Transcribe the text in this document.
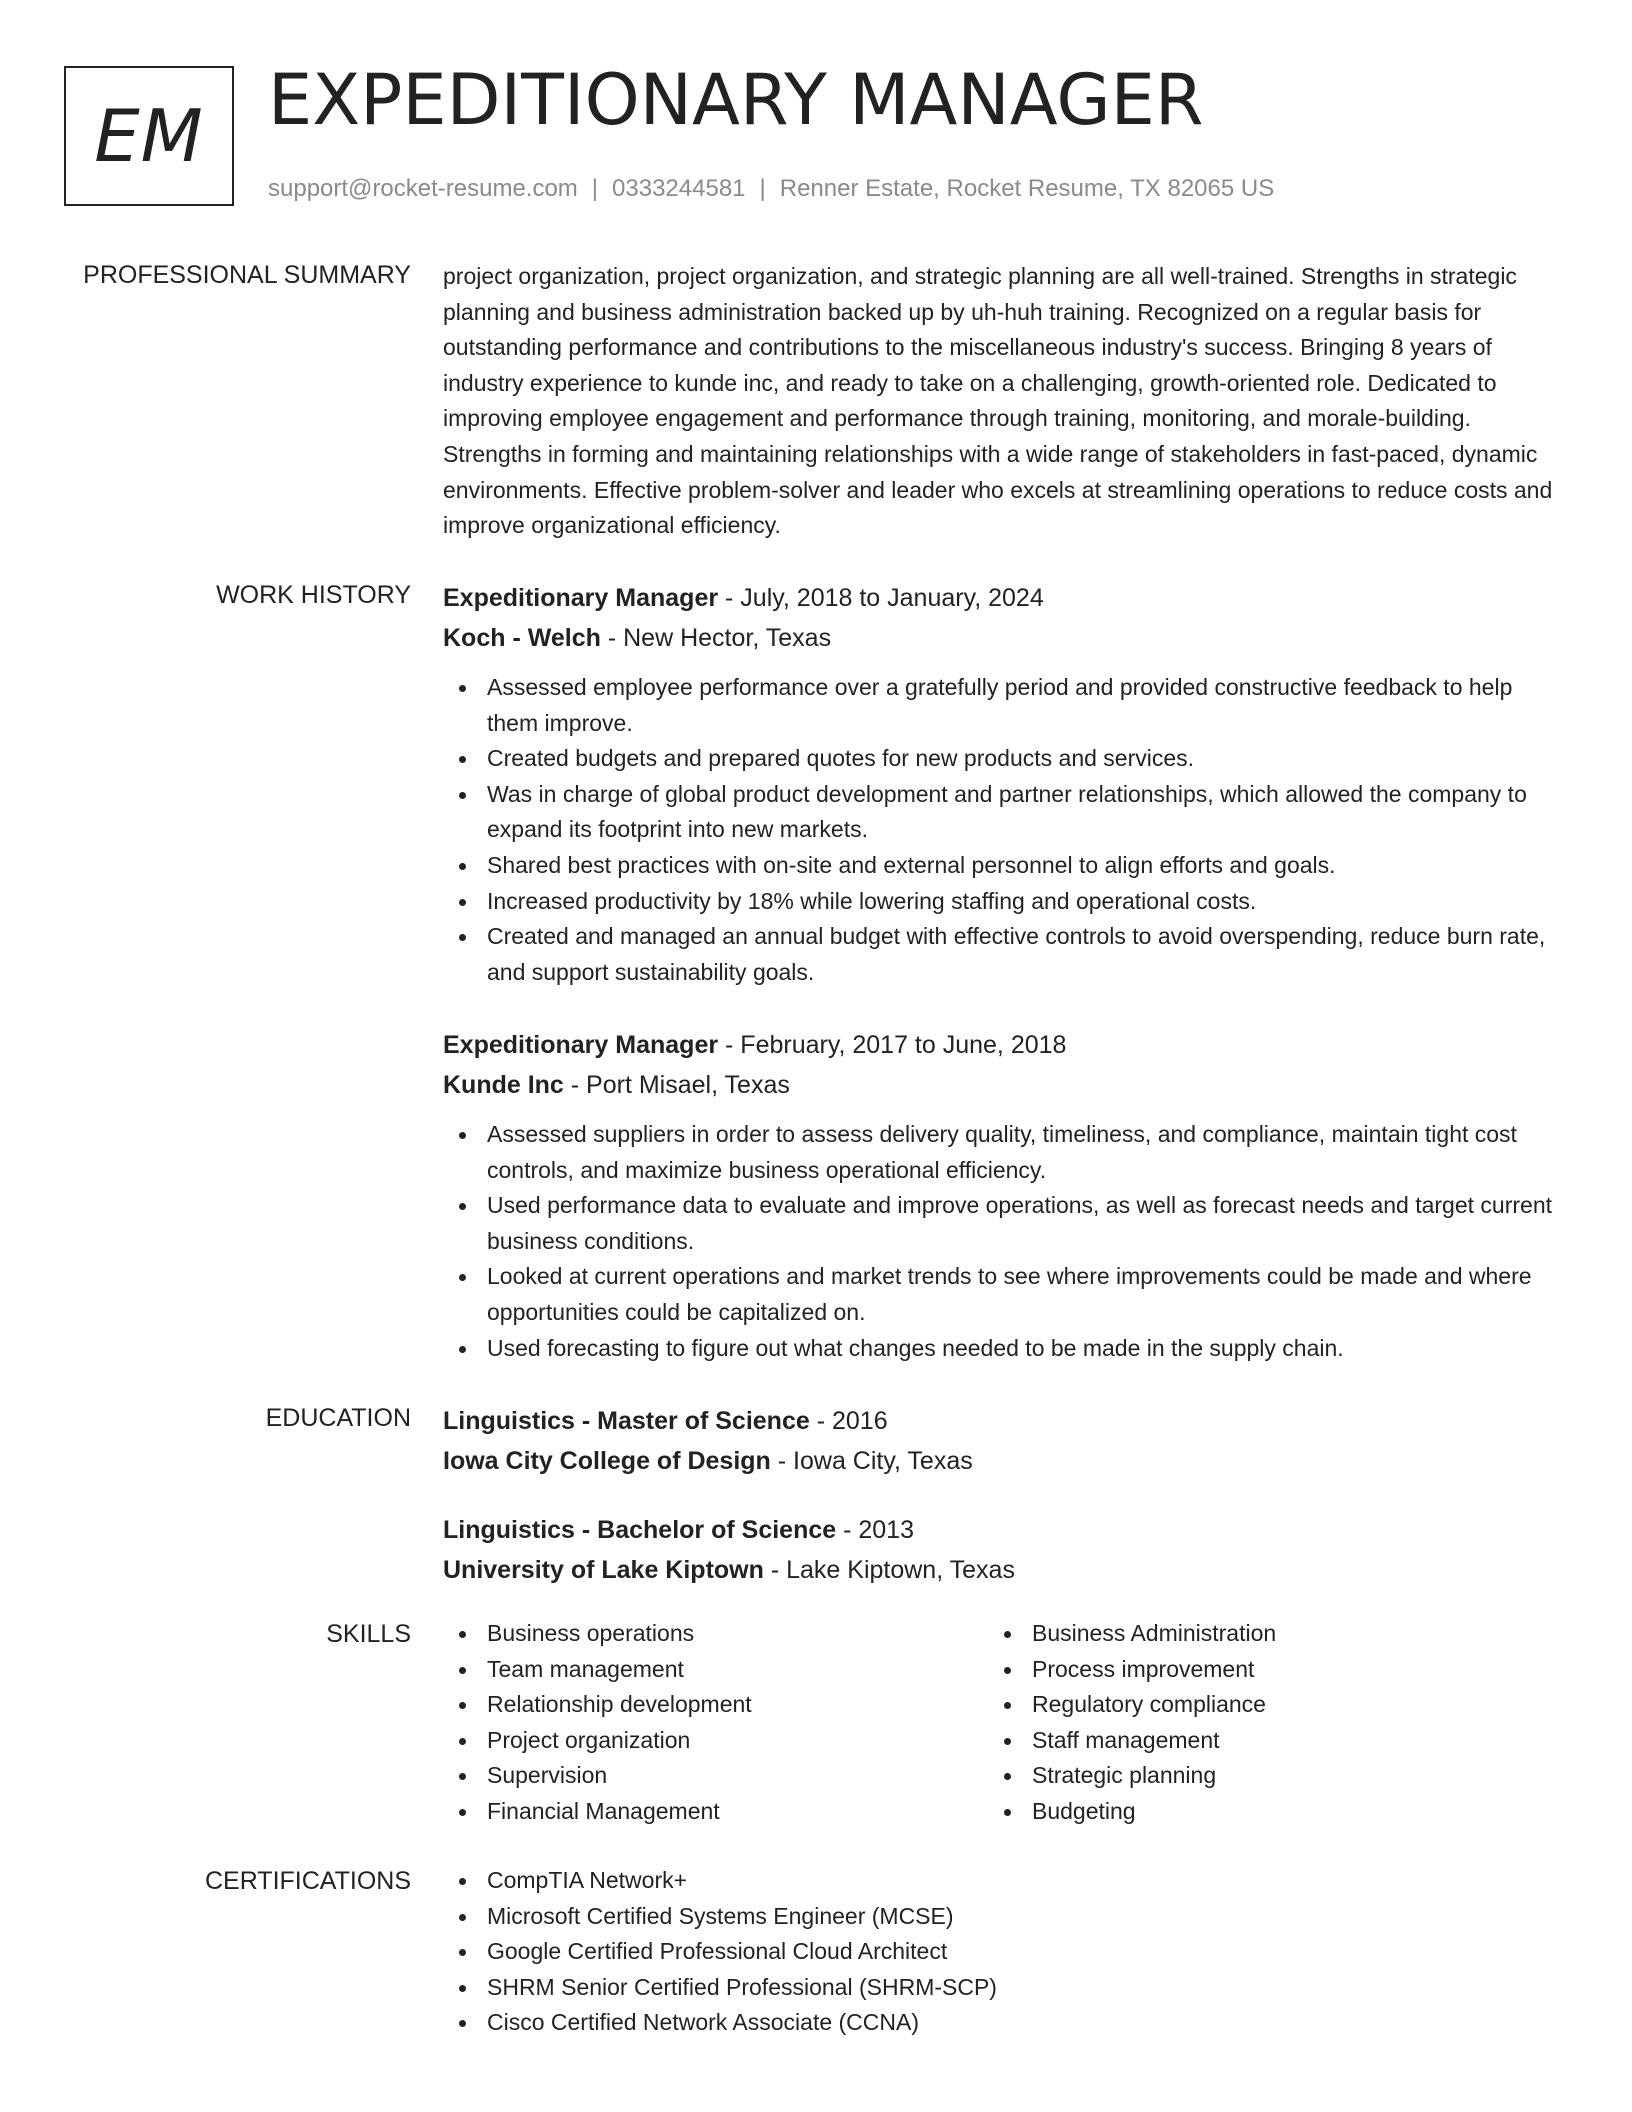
EM EXPEDITIONARY MANAGER
support@rocket-resume.com | 0333244581 | Renner Estate, Rocket Resume, TX 82065 US
PROFESSIONAL SUMMARY project organization, project organization, and strategic planning are all well-trained. Strengths in strategic planning and business administration backed up by uh-huh training. Recognized on a regular basis for outstanding performance and contributions to the miscellaneous industry's success. Bringing 8 years of industry experience to kunde inc, and ready to take on a challenging, growth-oriented role. Dedicated to improving employee engagement and performance through training, monitoring, and morale-building. Strengths in forming and maintaining relationships with a wide range of stakeholders in fast-paced, dynamic environments. Effective problem-solver and leader who excels at streamlining operations to reduce costs and improve organizational efficiency.

WORK HISTORY Expeditionary Manager - July, 2018 to January, 2024
Koch - Welch - New Hector, Texas
Assessed employee performance over a gratefully period and provided constructive feedback to help them improve.
Created budgets and prepared quotes for new products and services.
Was in charge of global product development and partner relationships, which allowed the company to expand its footprint into new markets.
Shared best practices with on-site and external personnel to align efforts and goals.
Increased productivity by 18% while lowering staffing and operational costs.
Created and managed an annual budget with effective controls to avoid overspending, reduce burn rate, and support sustainability goals.
Expeditionary Manager - February, 2017 to June, 2018
Kunde Inc - Port Misael, Texas
Assessed suppliers in order to assess delivery quality, timeliness, and compliance, maintain tight cost controls, and maximize business operational efficiency.
Used performance data to evaluate and improve operations, as well as forecast needs and target current business conditions.
Looked at current operations and market trends to see where improvements could be made and where opportunities could be capitalized on.
Used forecasting to figure out what changes needed to be made in the supply chain.
EDUCATION Linguistics - Master of Science - 2016
Iowa City College of Design - Iowa City, Texas
Linguistics - Bachelor of Science - 2013
University of Lake Kiptown - Lake Kiptown, Texas
SKILLS	Business operations
Team management
Relationship development
Project organization
Supervision
Financial Management
Business Administration
Process improvement
Regulatory compliance
Staff management
Strategic planning
Budgeting
CERTIFICATIONS	CompTIA Network+
Microsoft Certified Systems Engineer (MCSE)
Google Certified Professional Cloud Architect
SHRM Senior Certified Professional (SHRM-SCP)
Cisco Certified Network Associate (CCNA)
